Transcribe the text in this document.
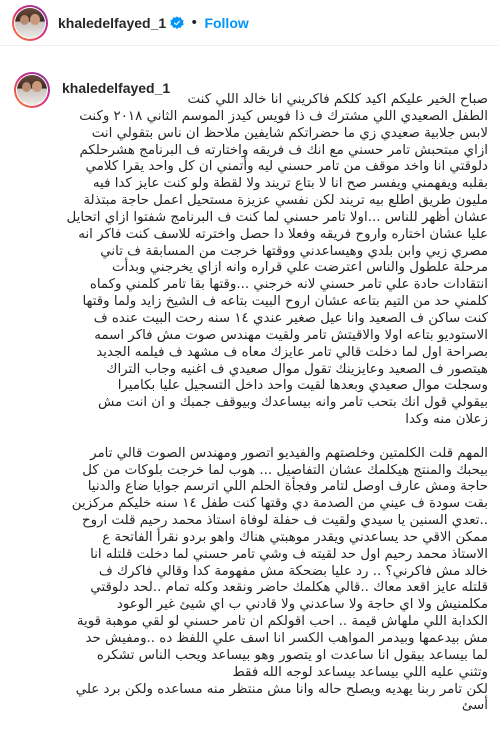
khaledelfayed_1 • Follow
khaledelfayed_1
صباح الخير عليكم اكيد كلكم فاكريني انا خالد اللي كنت
الطفل الصعيدي اللي مشترك ف ذا فويس كيدز الموسم الثاني ٢٠١٨ وكنت
لابس جلابية صعيدي زي ما حضراتكم شايفين ملاحظ ان ناس بتقولي انت
ازاي مبتحبش تامر حسني مع انك ف فريقه واختارته ف البرنامج هشرحلكم
دلوقتي انا واخد موقف من تامر حسني ليه وأتمني ان كل واحد يقرا كلامي
بقلبه ويفهمني ويفسر صح انا لا بتاع تريند ولا لقطة ولو كنت عايز كدا فيه
مليون طريق اطلع بيه تريند لكن نفسي عزيزة مستحيل اعمل حاجة مبتذلة
عشان أظهر للناس ...اولا تامر حسني لما كنت ف البرنامج شفتوا ازاي اتحايل
عليا عشان اختاره واروح فريقه وفعلا دا حصل واخترته للاسف كنت فاكر انه
مصري زيي وابن بلدي وهيساعدني ووقتها خرجت من المسابقة ف تاني
مرحلة علطول والناس اعترضت علي قراره وانه ازاي يخرجني وبدأت
انتقادات حادة علي تامر حسني لانه خرجني ...وقتها بقا تامر كلمني وكماه
كلمني حد من التيم بتاعه عشان اروح البيت بتاعه ف الشيخ زايد ولما وقتها
كنت ساكن ف الصعيد وانا عيل صغير عندي ١٤ سنه رحت البيت عنده ف
الاستوديو بتاعه اولا والاقيتش تامر ولقيت مهندس صوت مش فاكر اسمه
بصراحة اول لما دخلت قالي تامر عايزك معاه ف مشهد ف فيلمه الجديد
هيتصور ف الصعيد وعايزينك تقول موال صعيدي ف اغنيه وجاب التراك
وسجلت موال صعيدي وبعدها لقيت واحد داخل التسجيل عليا بكاميرا
بيقولي قول انك بتحب تامر وانه بيساعدك وبيوقف جمبك و ان انت مش
زعلان منه وكدا

المهم قلت الكلمتين وخلصتهم والفيديو اتصور ومهندس الصوت قالي تامر
بيحبك والمنتج هيكلمك عشان التفاصيل ... هوب لما خرجت بلوكات من كل
حاجة ومش عارف اوصل لتامر وفجأة الحلم اللي اترسم جوايا ضاع والدنيا
بقت سودة ف عيني من الصدمة دي وقتها كنت طفل ١٤ سنه خليكم مركزين
..تعدي السنين يا سيدي ولقيت ف حفلة لوفاة استاذ محمد رحيم قلت اروح
ممكن الاقي حد يساعدني ويقدر موهبتي هناك واهو بردو نقرأ الفاتحة ع
الاستاذ محمد رحيم اول حد لقيته ف وشي تامر حسني لما دخلت قلتله انا
خالد مش فاكرني؟ .. رد عليا بضحكة مش مفهومة كدا وقالي فاكرك ف
قلتله عايز اقعد معاك ..قالي هكلمك حاضر ونقعد وكله تمام ..لحد دلوقتي
مكلمنيش ولا اي حاجة ولا ساعدني ولا قادني ب اي شيئ غير الوعود
الكدابة اللي ملهاش قيمة .. احب اقولكم ان تامر حسني لو لقي موهبة قوية
مش بيدعمها وبيدمر المواهب الكسر انا اسف علي اللفظ ده ..ومفيش حد
لما بيساعد بيقول انا ساعدت او يتصور وهو بيساعد ويحب الناس تشكره
وتثني عليه اللي بيساعد بيساعد لوجه الله فقط
لكن تامر ربنا يهديه ويصلح حاله وانا مش منتظر منه مساعده ولكن برد علي
أسئ
